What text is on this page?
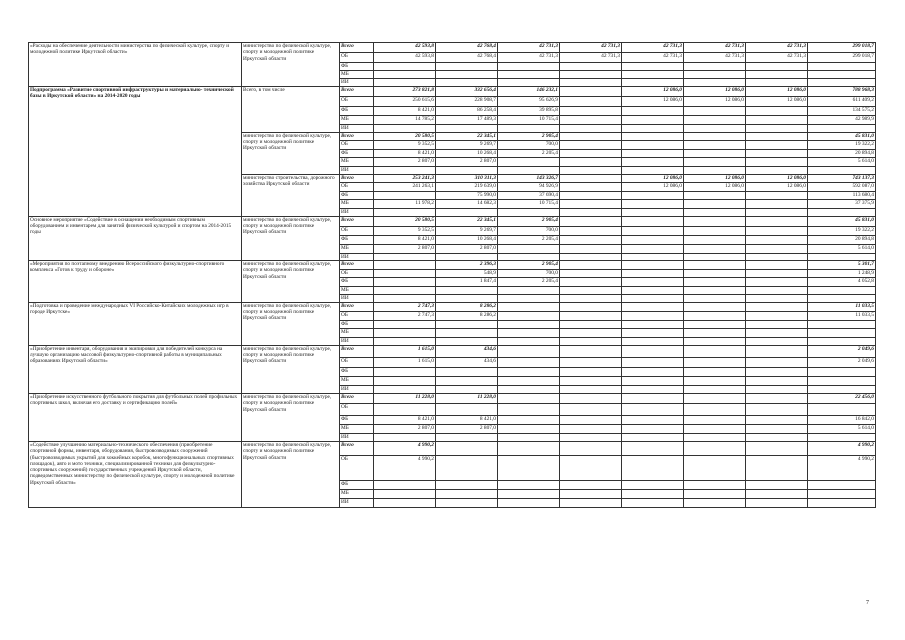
«Расходы на обеспечение деятельности министерства по физической культуре, спорту и молодежной политике Иркутской области»	министерство по физической культуре, спорту и молодежной политике Иркутской области	Всего	42 593,8	42 768,4	42 731,3	42 731,3	42 731,3	42 731,3	42 731,3	299 018,7
		ОБ	42 593,8	42 768,4	42 731,3	42 731,3	42 731,3	42 731,3	42 731,3	299 018,7
		ФБ								
		МБ								
		ИИ								
Подпрограмма «Развитие спортивной инфраструктуры и материально- технической базы в Иркутской области» на 2014-2020 годы	Всего, в том числе	Всего	273 821,8	332 656,4	146 232,1		12 086,0	12 086,0	12 086,0	788 968,3
		ОБ	250 615,6	228 908,7	95 626,9		12 086,0	12 086,0	12 086,0	611 409,2
		ФБ	8 421,0	86 258,4	39 895,8					134 575,2
		МБ	14 785,2	17 489,3	10 715,4					42 989,9
		ИИ								
	министерство по физической культуре, спорту и молодежной политике Иркутской области	Всего	20 580,5	22 345,1	2 905,4					45 831,0
		ОБ	9 352,5	9 269,7	700,0					19 322,2
		ФБ	8 421,0	10 268,4	2 205,4					20 894,8
		МБ	2 807,0	2 807,0						5 614,0
		ИИ								
	министерство строительства, дорожного хозяйства Иркутской области	Всего	253 241,3	310 311,3	143 326,7		12 086,0	12 086,0	12 086,0	743 137,3
		ОБ	241 263,1	219 639,0	94 926,9		12 086,0	12 086,0	12 086,0	592 087,0
		ФБ		75 990,0	37 690,4					113 680,4
		МБ	11 978,2	14 682,3	10 715,4					37 375,9
		ИИ								
Основное мероприятие «Содействие в оснащении необходимым спортивным оборудованием и инвентарем для занятий физической культурой и спортом на 2014-2015 годы	министерство по физической культуре, спорту и молодежной политике Иркутской области	Всего	20 580,5	22 345,1	2 905,4					45 831,0
		ОБ	9 352,5	9 269,7	700,0					19 322,2
		ФБ	8 421,0	10 268,4	2 205,4					20 894,8
		МБ	2 807,0	2 807,0						5 614,0
		ИИ								
«Мероприятия по поэтапному внедрению Всероссийского физкультурно-спортивного комплекса «Готов к труду и обороне»	министерство по физической культуре, спорту и молодежной политике Иркутской области	Всего		2 396,3	2 905,4					5 301,7
		ОБ		548,9	700,0					1 248,9
		ФБ		1 847,4	2 205,4					4 052,8
		МБ								
		ИИ								
«Подготовка и проведение международных VI Российско-Китайских молодежных игр в городе Иркутске»	министерство по физической культуре, спорту и молодежной политике Иркутской области	Всего	2 747,3	8 286,2						11 033,5
		ОБ	2 747,3	8 286,2						11 033,5
		ФБ								
		МБ								
		ИИ								
«Приобретение инвентаря, оборудования и экипировки для победителей конкурса на лучшую организацию массовой физкультурно-спортивной работы в муниципальных образованиях Иркутской области»	министерство по физической культуре, спорту и молодежной политике Иркутской области	Всего	1 615,0	434,6						2 049,6
		ОБ	1 615,0	434,6						2 049,6
		ФБ								
		МБ								
		ИИ								
«Приобретение искусственного футбольного покрытия для футбольных полей профильных спортивных школ, включая его доставку и сертификацию полей»	министерство по физической культуре, спорту и молодежной политике Иркутской области	Всего	11 228,0	11 228,0						22 456,0
		ОБ								
		ФБ	8 421,0	8 421,0						16 842,0
		МБ	2 807,0	2 807,0						5 614,0
		ИИ								
«Содействие улучшению материально-технического обеспечения (приобретение спортивной формы, инвентаря, оборудования, быстровозводимых сооружений (быстровозводимых укрытий для хоккейных коробок, многофункциональных спортивных площадок), авто и мото техники, специализированной техники для физкультурно-спортивных сооружений) государственных учреждений Иркутской области, подведомственных министерству по физической культуре, спорту и молодежной политике Иркутской области»	министерство по физической культуре, спорту и молодежной политике Иркутской области	Всего	4 990,2							4 990,2
		ОБ	4 990,2							4 990,2
		ФБ								
		МБ								
		ИИ								
7
